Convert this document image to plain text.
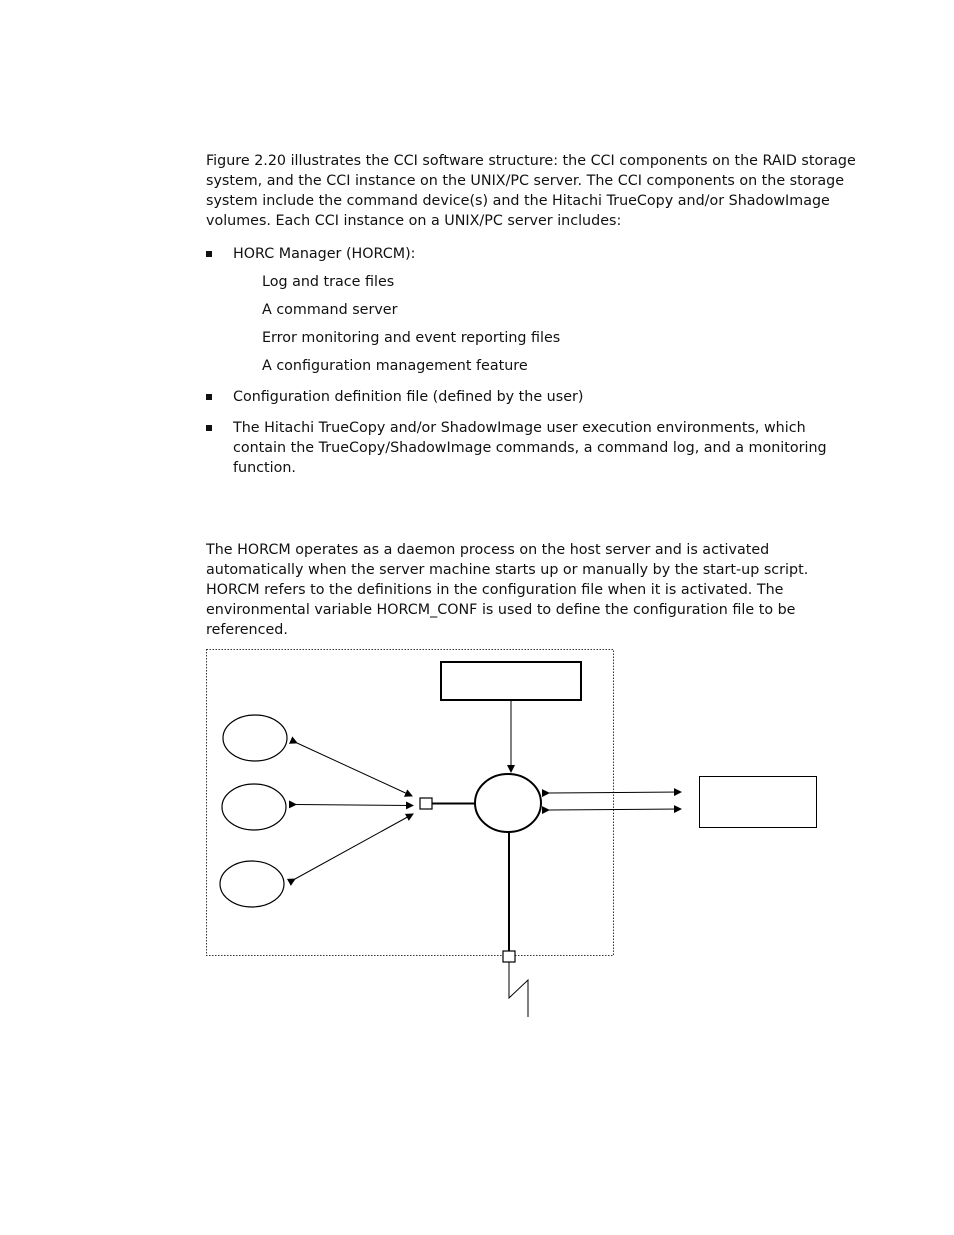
Figure 2.20 illustrates the CCI software structure: the CCI components on the RAID storage system, and the CCI instance on the UNIX/PC server. The CCI components on the storage system include the command device(s) and the Hitachi TrueCopy and/or ShadowImage volumes. Each CCI instance on a UNIX/PC server includes:

HORC Manager (HORCM):
Log and trace files
A command server
Error monitoring and event reporting files
A configuration management feature
Configuration definition file (defined by the user)
The Hitachi TrueCopy and/or ShadowImage user execution environments, which contain the TrueCopy/ShadowImage commands, a command log, and a monitoring function.

The HORCM operates as a daemon process on the host server and is activated automatically when the server machine starts up or manually by the start-up script. HORCM refers to the definitions in the configuration file when it is activated. The environmental variable HORCM_CONF is used to define the configuration file to be referenced.
